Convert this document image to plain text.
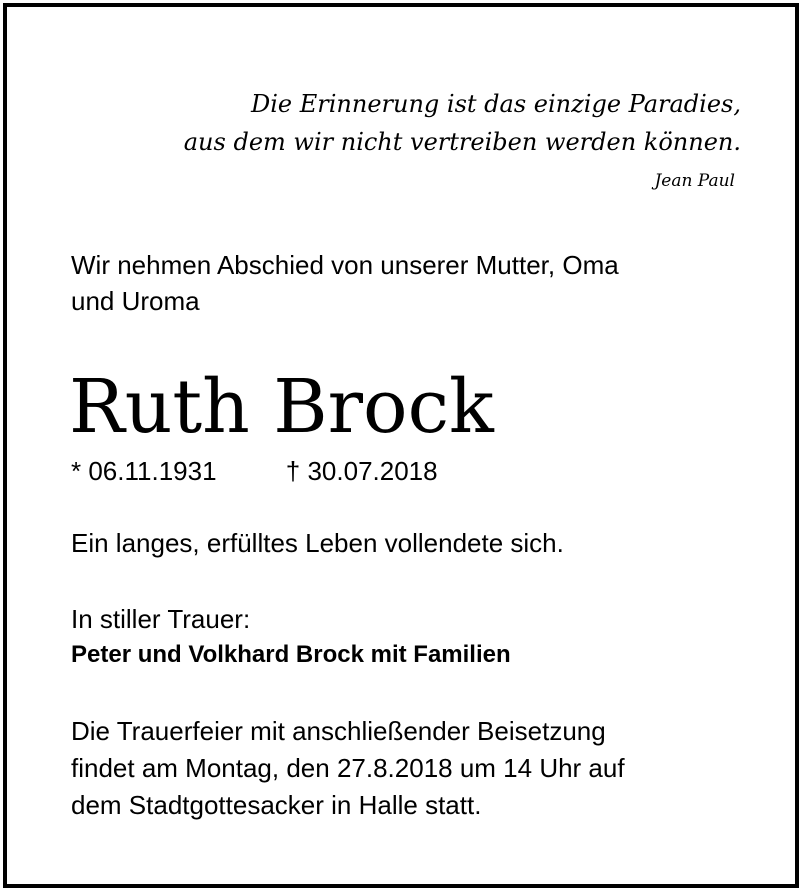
Die Erinnerung ist das einzige Paradies,
aus dem wir nicht vertreiben werden können.
Jean Paul
Wir nehmen Abschied von unserer Mutter, Oma
und Uroma
Ruth Brock
* 06.11.1931	† 30.07.2018
Ein langes, erfülltes Leben vollendete sich.
In stiller Trauer:
Peter und Volkhard Brock mit Familien
Die Trauerfeier mit anschließender Beisetzung
findet am Montag, den 27.8.2018 um 14 Uhr auf
dem Stadtgottesacker in Halle statt.
